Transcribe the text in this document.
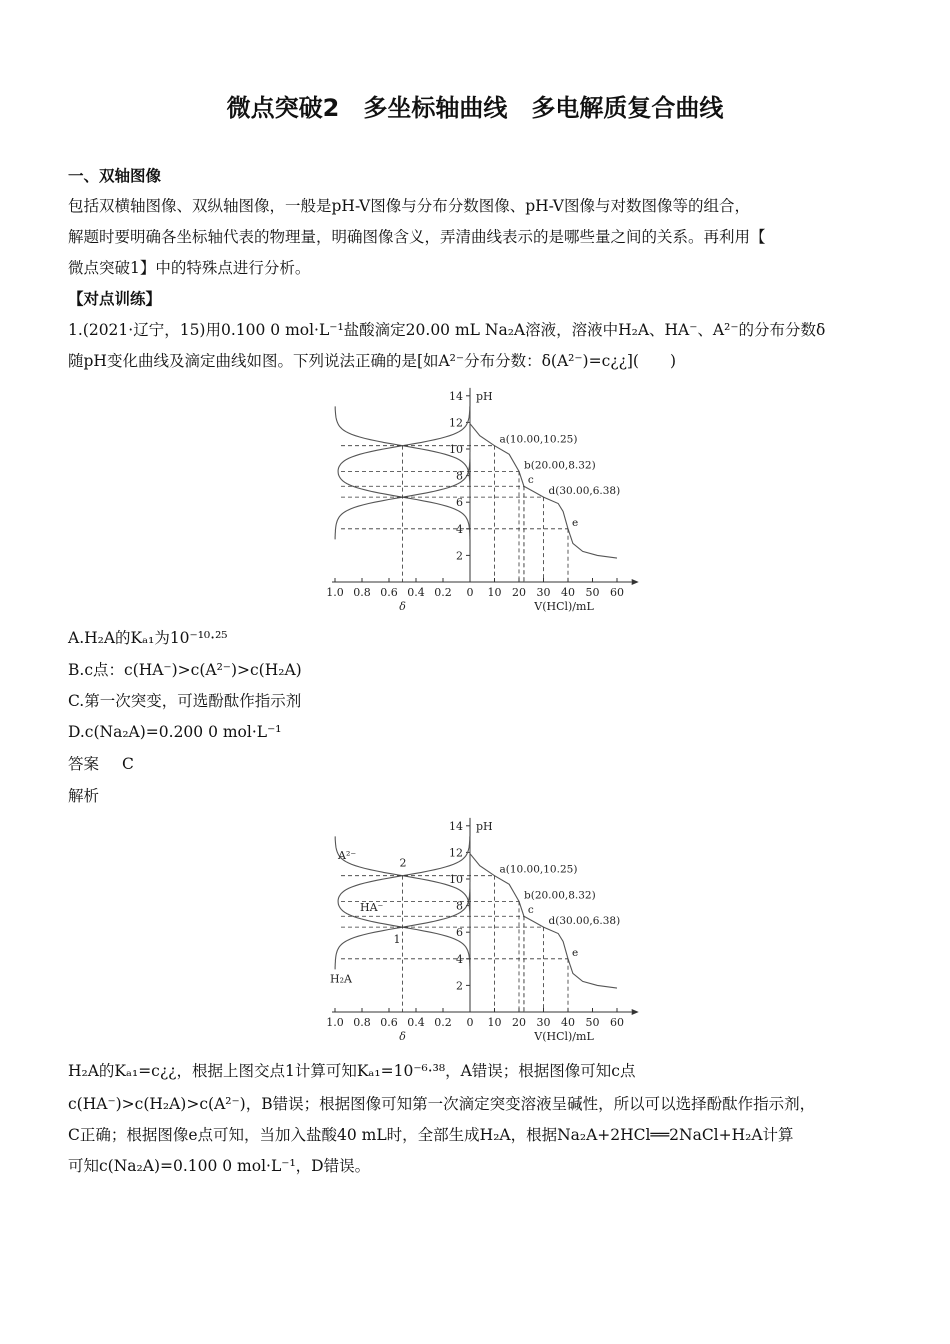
微点突破2　多坐标轴曲线　多电解质复合曲线
一、双轴图像
包括双横轴图像、双纵轴图像，一般是pH-V图像与分布分数图像、pH-V图像与对数图像等的组合，
解题时要明确各坐标轴代表的物理量，明确图像含义，弄清曲线表示的是哪些量之间的关系。再利用【
微点突破1】中的特殊点进行分析。
【对点训练】
1.(2021·辽宁，15)用0.100 0 mol·L⁻¹盐酸滴定20.00 mL Na₂A溶液，溶液中H₂A、HA⁻、A²⁻的分布分数δ
随pH变化曲线及滴定曲线如图。下列说法正确的是[如A²⁻分布分数：δ(A²⁻)=c¿¿](　　)
pH
2
4
6
8
10
12
14
1.0 0.8 0.6 0.4 0.2 0 10 20 30 40 50 60
δ	V(HCl)/mL
a(10.00,10.25)
b(20.00,8.32)
c
d(30.00,6.38)
e
A.H₂A的Kₐ₁为10⁻¹⁰·²⁵
B.c点：c(HA⁻)>c(A²⁻)>c(H₂A)
C.第一次突变，可选酚酞作指示剂
D.c(Na₂A)=0.200 0 mol·L⁻¹
答案 C
解析
pH
2
4
6
8
10
12
14
1.0 0.8 0.6 0.4 0.2 0 10 20 30 40 50 60
δ	V(HCl)/mL
a(10.00,10.25)
b(20.00,8.32)
c
d(30.00,6.38)
e
A²⁻
HA⁻
H₂A
2
1
H₂A的Kₐ₁=c¿¿，根据上图交点1计算可知Kₐ₁=10⁻⁶·³⁸，A错误；根据图像可知c点
c(HA⁻)>c(H₂A)>c(A²⁻)，B错误；根据图像可知第一次滴定突变溶液呈碱性，所以可以选择酚酞作指示剂，
C正确；根据图像e点可知，当加入盐酸40 mL时，全部生成H₂A，根据Na₂A+2HCl══2NaCl+H₂A计算
可知c(Na₂A)=0.100 0 mol·L⁻¹，D错误。
